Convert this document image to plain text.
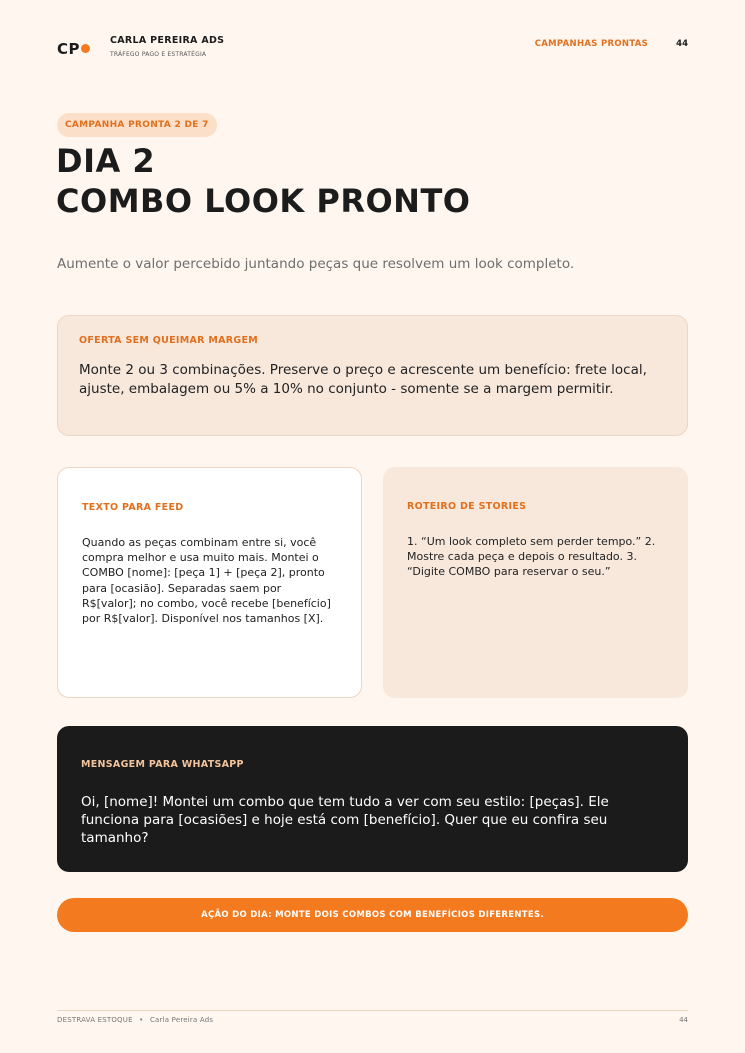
CP	CARLA PEREIRA ADS
TRÁFEGO PAGO E ESTRATÉGIA
CAMPANHAS PRONTAS	44
CAMPANHA PRONTA 2 DE 7
DIA 2
COMBO LOOK PRONTO
Aumente o valor percebido juntando peças que resolvem um look completo.
OFERTA SEM QUEIMAR MARGEM
Monte 2 ou 3 combinações. Preserve o preço e acrescente um benefício: frete local, ajuste, embalagem ou 5% a 10% no conjunto - somente se a margem permitir.
TEXTO PARA FEED
Quando as peças combinam entre si, você compra melhor e usa muito mais. Montei o COMBO [nome]: [peça 1] + [peça 2], pronto para [ocasião]. Separadas saem por R$[valor]; no combo, você recebe [benefício] por R$[valor]. Disponível nos tamanhos [X].
ROTEIRO DE STORIES
1. “Um look completo sem perder tempo.” 2. Mostre cada peça e depois o resultado. 3. “Digite COMBO para reservar o seu.”
MENSAGEM PARA WHATSAPP
Oi, [nome]! Montei um combo que tem tudo a ver com seu estilo: [peças]. Ele funciona para [ocasiões] e hoje está com [benefício]. Quer que eu confira seu tamanho?
AÇÃO DO DIA: MONTE DOIS COMBOS COM BENEFÍCIOS DIFERENTES.
DESTRAVA ESTOQUE • Carla Pereira Ads	44
